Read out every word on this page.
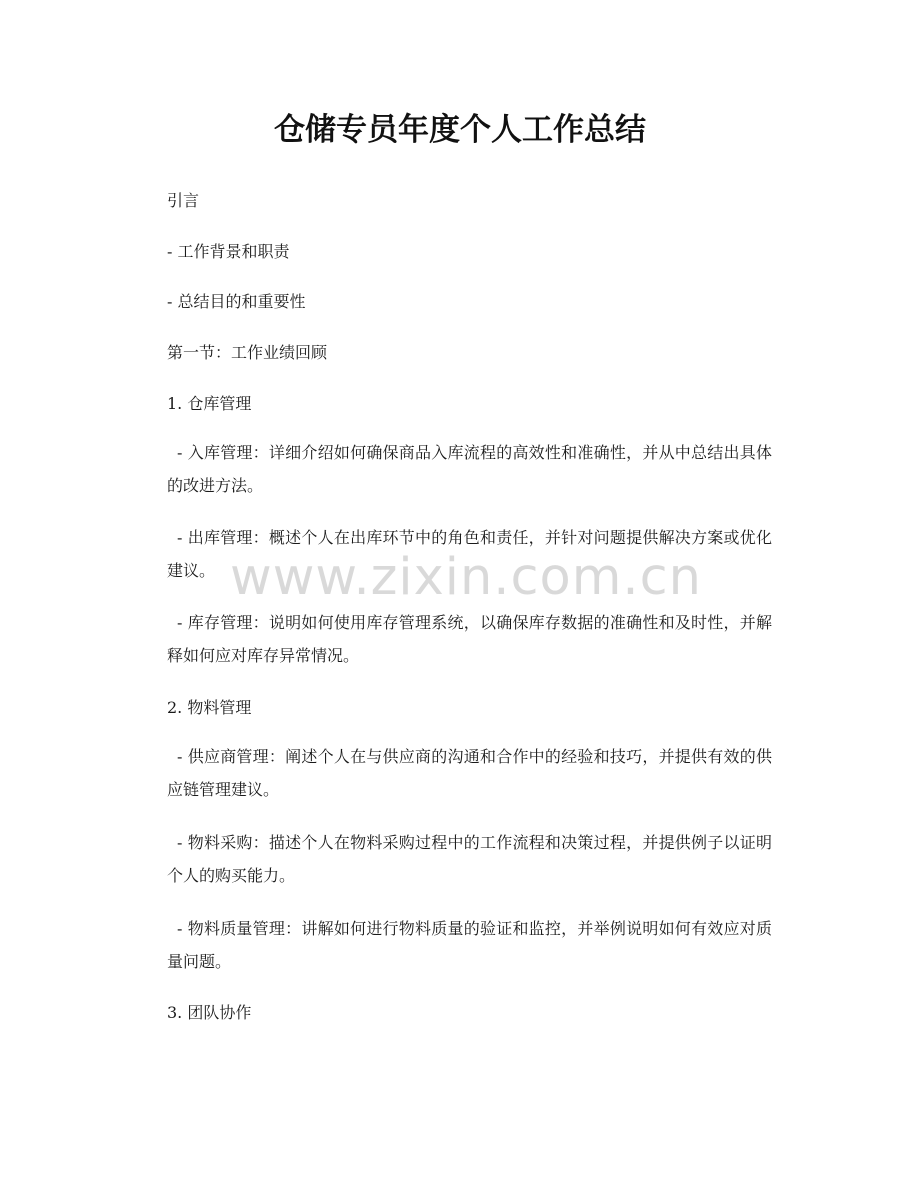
仓储专员年度个人工作总结

引言

- 工作背景和职责

- 总结目的和重要性

第一节：工作业绩回顾

1. 仓库管理

- 入库管理：详细介绍如何确保商品入库流程的高效性和准确性，并从中总结出具体的改进方法。

- 出库管理：概述个人在出库环节中的角色和责任，并针对问题提供解决方案或优化建议。

- 库存管理：说明如何使用库存管理系统，以确保库存数据的准确性和及时性，并解释如何应对库存异常情况。

2. 物料管理

- 供应商管理：阐述个人在与供应商的沟通和合作中的经验和技巧，并提供有效的供应链管理建议。

- 物料采购：描述个人在物料采购过程中的工作流程和决策过程，并提供例子以证明个人的购买能力。

- 物料质量管理：讲解如何进行物料质量的验证和监控，并举例说明如何有效应对质量问题。

3. 团队协作

www.zixin.com.cn
